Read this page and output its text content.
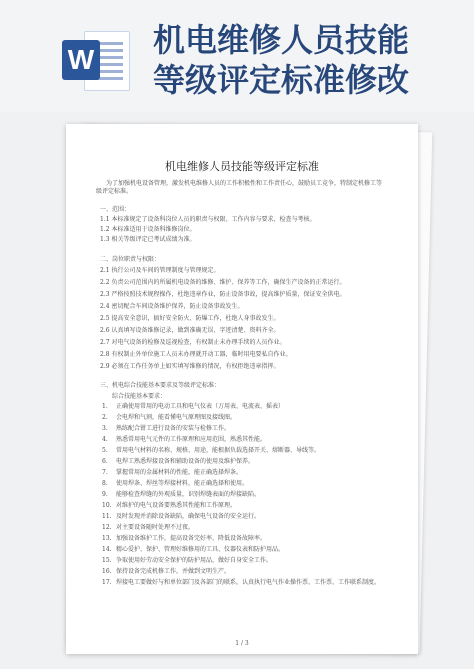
W
机电维修人员技能
等级评定标准修改
机电维修人员技能等级评定标准
为了加强机电设备管理，激发机电维修人员的工作积极性和工作责任心，鼓励员工竞争，特制定机修工等
级评定标准。
一、范围：
1.1 本标准规定了设备科岗位人员的职责与权限、工作内容与要求、检查与考核。
1.2 本标准适用于设备科维修岗位。
1.3 相关等级评定已考试成绩为准。
二、岗位职责与权限：
2.1 执行公司及车间的管理制度与管理规定。
2.2 负责公司范围内的所属机电设备的维修、维护、保养等工作，确保生产设备的正常运行。
2.3 严格按照技术规程操作，杜绝违章作业，防止设备事故，提高维护质量，保证安全供电。
2.4 密切配合车间设备维护保养，防止设备事故发生。
2.5 提高安全意识，搞好安全防火、防爆工作，杜绝人身事故发生。
2.6 认真填写设备维修记录，做到准确无误、字迹清楚、资料齐全。
2.7 对电气设备的检修及巡视检查，有权制止未办理手续的人员作业。
2.8 有权制止外单位施工人员未办理就开动工器，临时用电要私自作业。
2.9 必须在工作任务单上如实填写维修的情况，有权拒绝违章指挥。
三、机电综合技能基本要求及等级评定标准：
综合技能基本要求：
1. 正确使用常用的电动工具和电气仪表（万用表、电流表、摇表）
2. 会电焊和气割，能看懂电气原理图及接线图。
3. 熟练配合钳工进行设备的安装与检修工作。
4. 熟悉常用电气元件的工作原理和应用范围，熟悉其性能。
5. 常用电气材料的名称、规格、用途，能根据负载选择开关、熔断器、导线等。
6. 电焊工熟悉焊接设备和辅助设备的使用及维护保养。
7. 掌握常用的金属材料的性能，能正确选择焊条。
8. 使用焊条、焊丝等焊接材料，能正确选择和使用。
9. 能够检查焊缝的外观质量，识别焊缝表面的焊接缺陷。
10. 对维护的电气设备要熟悉其性能和工作原理。
11. 及时发现并消除设备缺陷，确保电气设备的安全运行。
12. 对主要设备随时处理不过夜。
13. 加强设备维护工作，提高设备完好率、降低设备故障率。
14. 精心爱护、保护、管理好维修用的工具、仪器仪表和防护用品。
15. 争取使用好劳动安全保护的防护用品，做好自身安全工作。
16. 保持设备完成机修工作，并做到文明生产。
17. 焊接电工要做好与和单位部门及各部门的联系，认真执行电气作业操作票、工作票、工作联系制度。
1 / 3
